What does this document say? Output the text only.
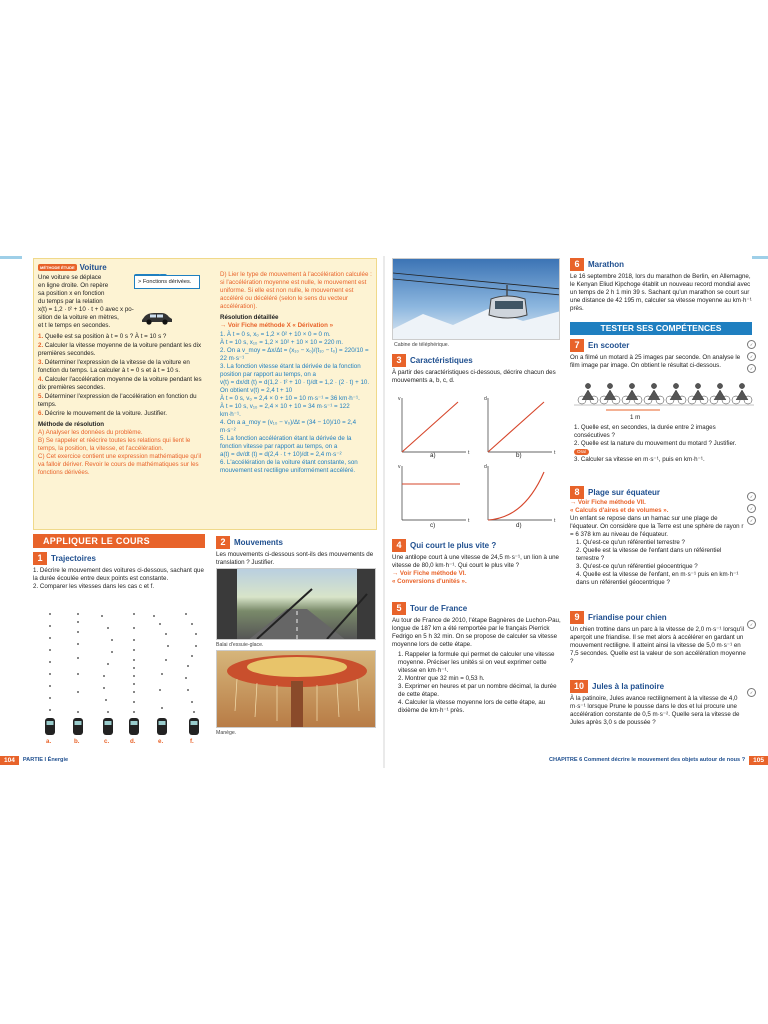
MÉTHODE ÉTUDE Voiture
Une voiture se déplace
en ligne droite. On repère
sa position x en fonction
du temps par la relation
x(t) = 1,2 · t² + 10 · t + 0 avec x po-
sition de la voiture en mètres,
et t le temps en secondes.
1. Quelle est sa position à t = 0 s ? À t = 10 s ?
2. Calculer la vitesse moyenne de la voiture pendant les dix premières secondes.
3. Déterminer l'expression de la vitesse de la voiture en fonction du temps. La calculer à t = 0 s et à t = 10 s.
4. Calculer l'accélération moyenne de la voiture pendant les dix premières secondes.
5. Déterminer l'expression de l'accélération en fonction du temps.
6. Décrire le mouvement de la voiture. Justifier.
Méthode de résolution
A) Analyser les données du problème.
B) Se rappeler et réécrire toutes les relations qui lient le temps, la position, la vitesse, et l'accélération.
C) Cet exercice contient une expression mathématique qu'il va falloir dériver. Revoir le cours de mathématiques sur les fonctions dérivées.
> Fonctions dérivées.
D) Lier le type de mouvement à l'accélération calculée : si l'accélération moyenne est nulle, le mouvement est uniforme. Si elle est non nulle, le mouvement est accéléré ou décéléré (selon le sens du vecteur accélération).
Résolution détaillée
→ Voir Fiche méthode X « Dérivation »
1. À t = 0 s, x₀ = 1,2 × 0² + 10 × 0 = 0 m.
À t = 10 s, x₁₀ = 1,2 × 10² + 10 × 10 = 220 m.
2. On a v_moy = Δx/Δt = (x₁₀ − x₀)/(t₁₀ − t₀) = 220/10 = 22 m·s⁻¹
3. La fonction vitesse étant la dérivée de la fonction position par rapport au temps, on a
v(t) = dx/dt (t) = d(1,2 · t² + 10 · t)/dt = 1,2 · (2 · t) + 10.
On obtient v(t) = 2,4 t + 10
À t = 0 s, v₀ = 2,4 × 0 + 10 = 10 m·s⁻¹ = 36 km·h⁻¹.
À t = 10 s, v₁₀ = 2,4 × 10 + 10 = 34 m·s⁻¹ = 122 km·h⁻¹.
4. On a a_moy = (v₁₀ − v₀)/Δt = (34 − 10)/10 = 2,4 m·s⁻²
5. La fonction accélération étant la dérivée de la fonction vitesse par rapport au temps, on a
a(t) = dv/dt (t) = d(2,4 · t + 10)/dt = 2,4 m·s⁻²
6. L'accélération de la voiture étant constante, son mouvement est rectiligne uniformément accéléré.
APPLIQUER LE COURS
1	Trajectoires
1. Décrire le mouvement des voitures ci-dessous, sachant que la durée écoulée entre deux points est constante.
2. Comparer les vitesses dans les cas c et f.
a.	b.	c.	d.	e.	f.
2	Mouvements
Les mouvements ci-dessous sont-ils des mouvements de translation ? Justifier.
Balai d'essuie-glace.
Manège.
104	PARTIE I Énergie
Cabine de téléphérique.
3	Caractéristiques
À partir des caractéristiques ci-dessous, décrire chacun des mouvements a, b, c, d.
v
t
d
t
v
t
d
t
a)	b)
c)	d)
4	Qui court le plus vite ?
Une antilope court à une vitesse de 24,5 m·s⁻¹, un lion à une vitesse de 80,0 km·h⁻¹. Qui court le plus vite ?
→ Voir Fiche méthode VI.
« Conversions d'unités ».
5	Tour de France
Au tour de France de 2010, l'étape Bagnères de Luchon-Pau, longue de 187 km a été remportée par le français Pierrick Fedrigo en 5 h 32 min. On se propose de calculer sa vitesse moyenne lors de cette étape.
1. Rappeler la formule qui permet de calculer une vitesse moyenne. Préciser les unités si on veut exprimer cette vitesse en km·h⁻¹.
2. Montrer que 32 min = 0,53 h.
3. Exprimer en heures et par un nombre décimal, la durée de cette étape.
4. Calculer la vitesse moyenne lors de cette étape, au dixième de km·h⁻¹ près.
6	Marathon
Le 16 septembre 2018, lors du marathon de Berlin, en Allemagne, le Kenyan Eliud Kipchoge établit un nouveau record mondial avec un temps de 2 h 1 min 39 s. Sachant qu'un marathon se court sur une distance de 42 195 m, calculer sa vitesse moyenne au km·h⁻¹ près.
TESTER SES COMPÉTENCES
7	En scooter
On a filmé un motard à 25 images par seconde. On analyse le film image par image. On obtient le résultat ci-dessous.
✓
✓
✓
1 m
1. Quelle est, en secondes, la durée entre 2 images consécutives ?
2. Quelle est la nature du mouvement du motard ? Justifier. Oral
3. Calculer sa vitesse en m·s⁻¹, puis en km·h⁻¹.
8	Plage sur équateur
→ Voir Fiche méthode VII.
« Calculs d'aires et de volumes ».
Un enfant se repose dans un hamac sur une plage de l'équateur. On considère que la Terre est une sphère de rayon r = 6 378 km au niveau de l'équateur.
1. Qu'est-ce qu'un référentiel terrestre ?
2. Quelle est la vitesse de l'enfant dans un référentiel terrestre ?
3. Qu'est-ce qu'un référentiel géocentrique ?
4. Quelle est la vitesse de l'enfant, en m·s⁻¹ puis en km·h⁻¹ dans un référentiel géocentrique ?
✓
✓
✓
9	Friandise pour chien
Un chien trottine dans un parc à la vitesse de 2,0 m·s⁻¹ lorsqu'il aperçoit une friandise. Il se met alors à accélérer en gardant un mouvement rectiligne. Il atteint ainsi la vitesse de 5,0 m·s⁻¹ en 7,5 secondes. Quelle est la valeur de son accélération moyenne ?
✓
10	Jules à la patinoire
À la patinoire, Jules avance rectilignement à la vitesse de 4,0 m·s⁻¹ lorsque Prune le pousse dans le dos et lui procure une accélération constante de 0,5 m·s⁻². Quelle sera la vitesse de Jules après 3,0 s de poussée ?
✓
CHAPITRE 6 Comment décrire le mouvement des objets autour de nous ?	105
